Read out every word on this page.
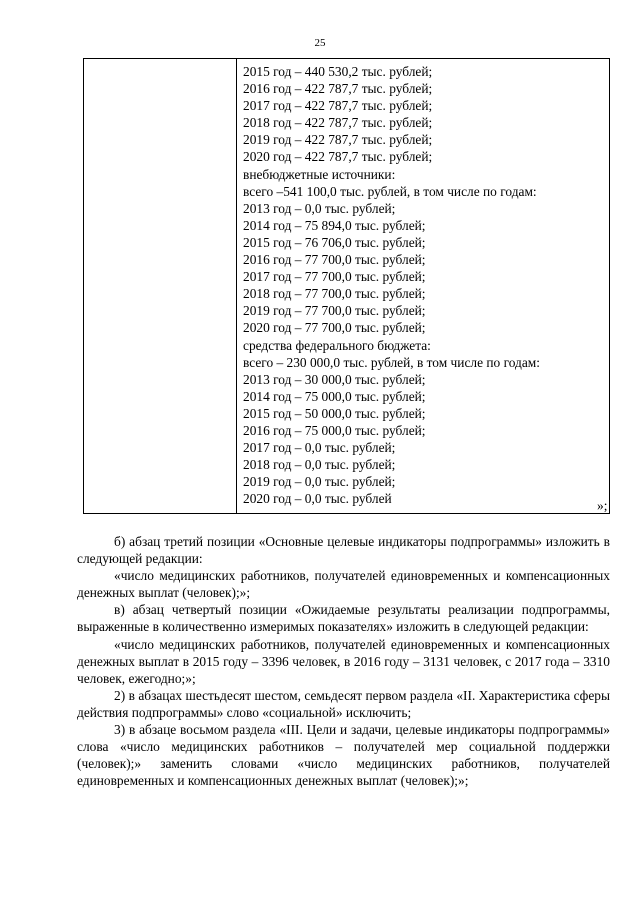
25
2015 год – 440 530,2 тыс. рублей;
2016 год – 422 787,7 тыс. рублей;
2017 год – 422 787,7 тыс. рублей;
2018 год – 422 787,7 тыс. рублей;
2019 год – 422 787,7 тыс. рублей;
2020 год – 422 787,7 тыс. рублей;
внебюджетные источники:
всего –541 100,0 тыс. рублей, в том числе по годам:
2013 год – 0,0 тыс. рублей;
2014 год – 75 894,0 тыс. рублей;
2015 год – 76 706,0 тыс. рублей;
2016 год – 77 700,0 тыс. рублей;
2017 год – 77 700,0 тыс. рублей;
2018 год – 77 700,0 тыс. рублей;
2019 год – 77 700,0 тыс. рублей;
2020 год – 77 700,0 тыс. рублей;
средства федерального бюджета:
всего – 230 000,0 тыс. рублей, в том числе по годам:
2013 год – 30 000,0 тыс. рублей;
2014 год – 75 000,0 тыс. рублей;
2015 год – 50 000,0 тыс. рублей;
2016 год – 75 000,0 тыс. рублей;
2017 год – 0,0 тыс. рублей;
2018 год – 0,0 тыс. рублей;
2019 год – 0,0 тыс. рублей;
2020 год – 0,0 тыс. рублей	»;

б) абзац третий позиции «Основные целевые индикаторы подпрограммы» изложить в следующей редакции:

«число медицинских работников, получателей единовременных и компенсационных денежных выплат (человек);»;

в) абзац четвертый позиции «Ожидаемые результаты реализации подпрограммы, выраженные в количественно измеримых показателях» изложить в следующей редакции:

«число медицинских работников, получателей единовременных и компенсационных денежных выплат в 2015 году – 3396 человек, в 2016 году – 3131 человек, с 2017 года – 3310 человек, ежегодно;»;

2) в абзацах шестьдесят шестом, семьдесят первом раздела «II. Характеристика сферы действия подпрограммы» слово «социальной» исключить;

3) в абзаце восьмом раздела «III. Цели и задачи, целевые индикаторы подпрограммы» слова «число медицинских работников – получателей мер социальной поддержки (человек);» заменить словами «число медицинских работников, получателей единовременных и компенсационных денежных выплат (человек);»;
